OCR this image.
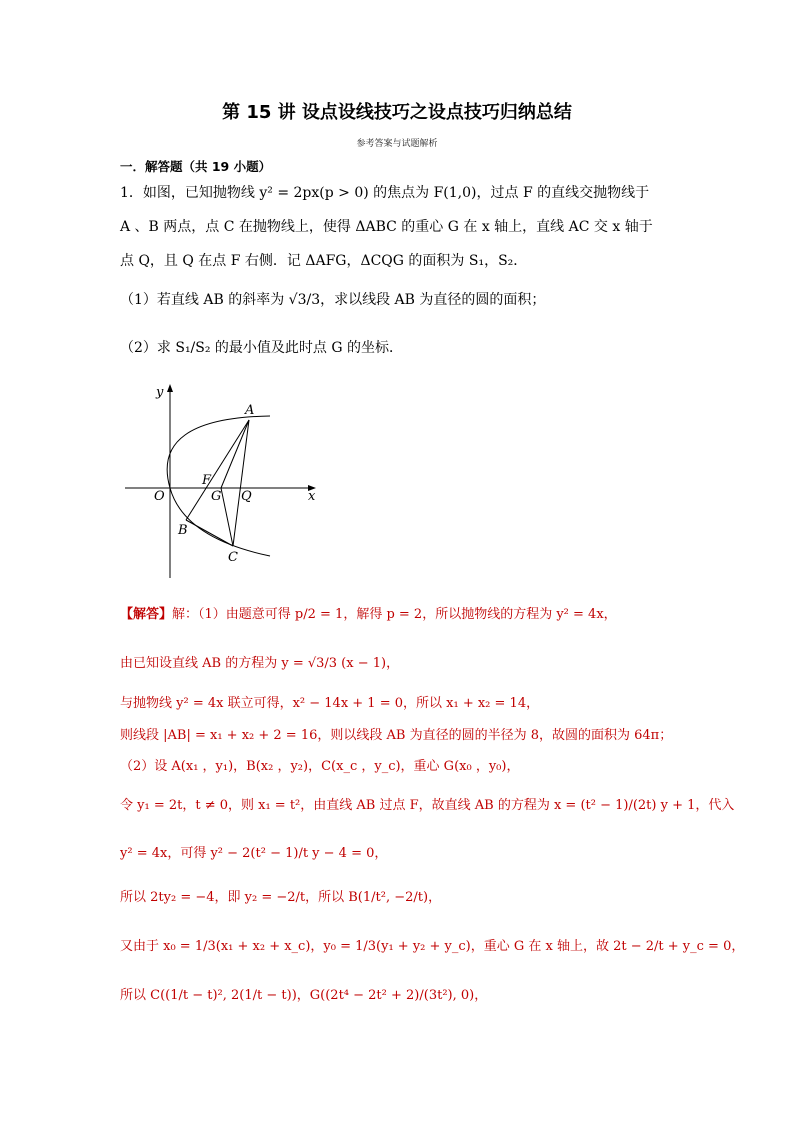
第 15 讲 设点设线技巧之设点技巧归纳总结
参考答案与试题解析
一．解答题（共 19 小题）
1．如图，已知抛物线 y² = 2px(p > 0) 的焦点为 F(1,0)，过点 F 的直线交抛物线于
A 、B 两点，点 C 在抛物线上，使得 ΔABC 的重心 G 在 x 轴上，直线 AC 交 x 轴于
点 Q，且 Q 在点 F 右侧．记 ΔAFG，ΔCQG 的面积为 S₁，S₂．
（1）若直线 AB 的斜率为 √3/3，求以线段 AB 为直径的圆的面积；
（2）求 S₁/S₂ 的最小值及此时点 G 的坐标．
y
x
O
A
B
C
F
G Q
【解答】解：（1）由题意可得 p/2 = 1，解得 p = 2，所以抛物线的方程为 y² = 4x，
由已知设直线 AB 的方程为 y = √3/3 (x − 1)，
与抛物线 y² = 4x 联立可得，x² − 14x + 1 = 0，所以 x₁ + x₂ = 14，
则线段 |AB| = x₁ + x₂ + 2 = 16，则以线段 AB 为直径的圆的半径为 8，故圆的面积为 64π；
（2）设 A(x₁ ，y₁)，B(x₂ ，y₂)，C(x_c ，y_c)，重心 G(x₀ ，y₀)，
令 y₁ = 2t，t ≠ 0，则 x₁ = t²，由直线 AB 过点 F，故直线 AB 的方程为 x = (t² − 1)/(2t) y + 1，代入
y² = 4x，可得 y² − 2(t² − 1)/t y − 4 = 0，
所以 2ty₂ = −4，即 y₂ = −2/t，所以 B(1/t², −2/t)，
又由于 x₀ = 1/3(x₁ + x₂ + x_c)，y₀ = 1/3(y₁ + y₂ + y_c)，重心 G 在 x 轴上，故 2t − 2/t + y_c = 0，
所以 C((1/t − t)², 2(1/t − t))，G((2t⁴ − 2t² + 2)/(3t²), 0)，
